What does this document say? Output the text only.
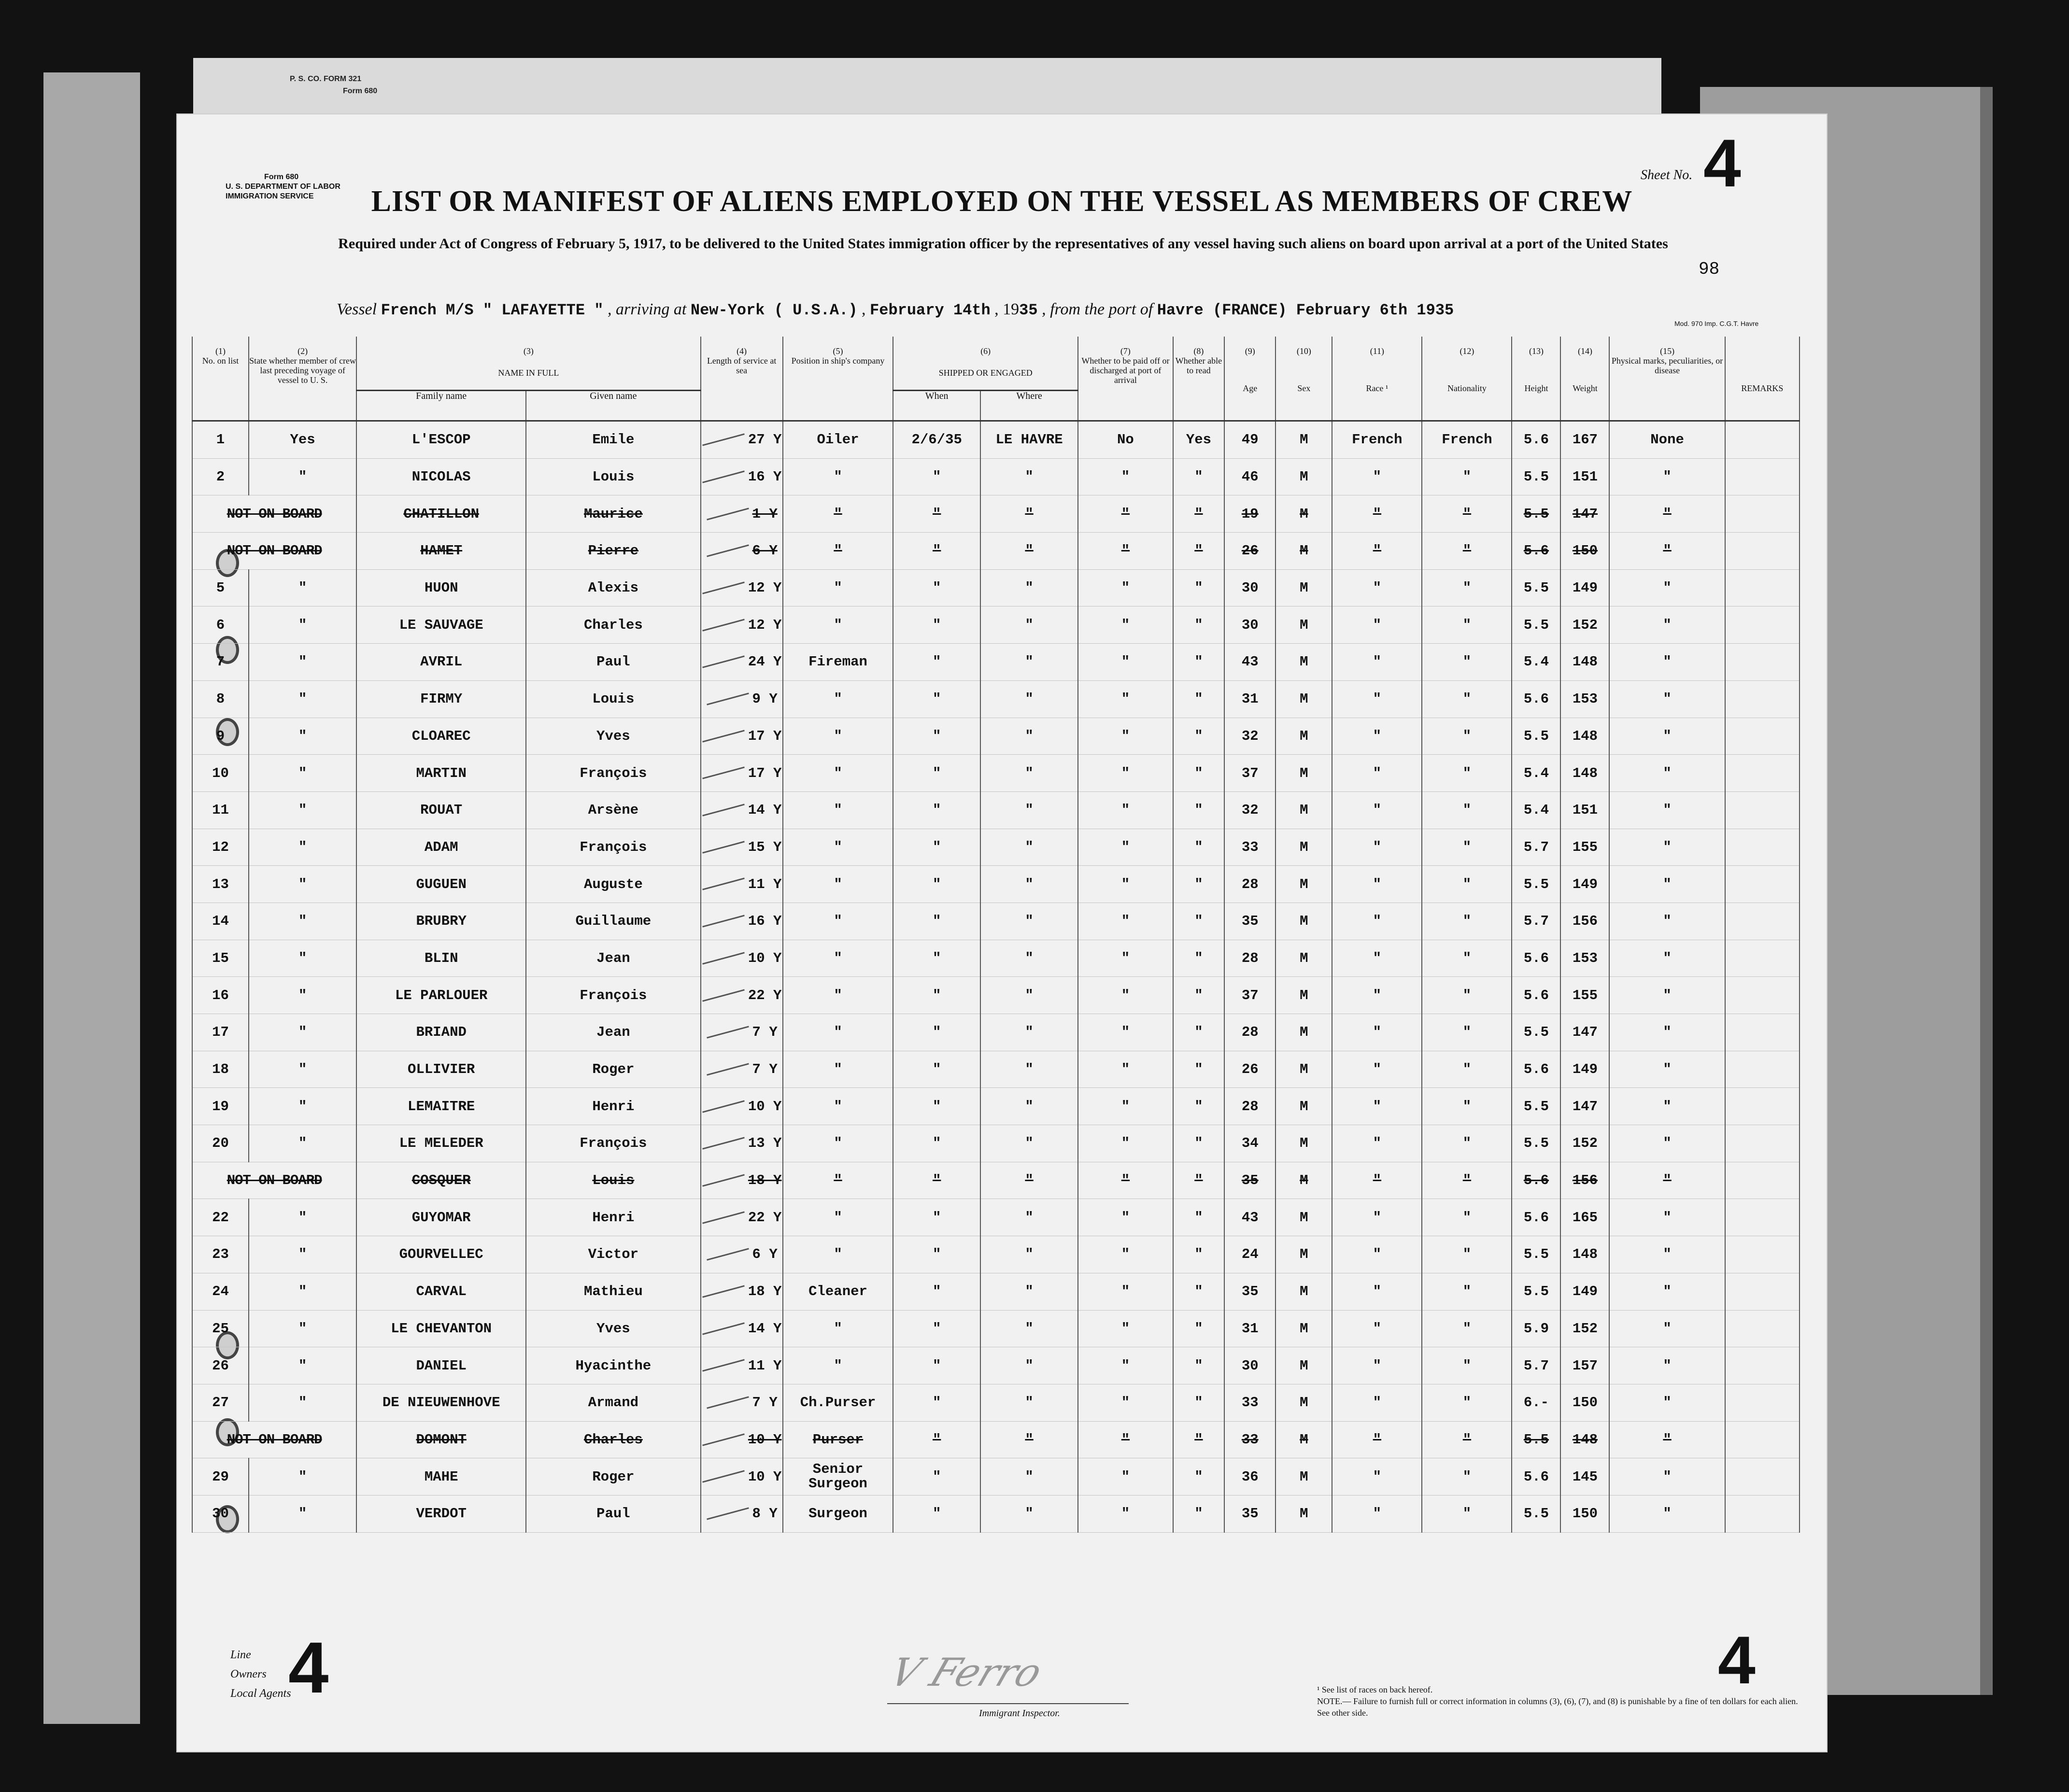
P. S. CO. FORM 321
Form 680
Form 680
U. S. DEPARTMENT OF LABOR
IMMIGRATION SERVICE
Sheet No. 4
LIST OR MANIFEST OF ALIENS EMPLOYED ON THE VESSEL AS MEMBERS OF CREW
Required under Act of Congress of February 5, 1917, to be delivered to the United States immigration officer by the representatives of any vessel having such aliens on board upon arrival at a port of the United States
98
Vessel French M/S " LAFAYETTE " , arriving at New-York ( U.S.A.) , February 14th , 1935 , from the port of Havre (FRANCE) February 6th 1935
Mod. 970 Imp. C.G.T. Havre
(1)	(2)	(3)		(4)	(5)	(6)		(7)	(8)	(9)	(10)	(11)	(12)	(13)	(14)	(15)	
No. on list	State whether member of crew last preceding voyage of vessel to U. S.	NAME IN FULL		Length of service at sea	Position in ship's company	SHIPPED OR ENGAGED		Whether to be paid off or discharged at port of arrival	Whether able to read	Age	Sex	Race ¹	Nationality	Height	Weight	Physical marks, peculiarities, or disease	REMARKS
		Family name	Given name			When	Where										
1	Yes	L'ESCOP	Emile	27 Y	Oiler	2/6/35	LE HAVRE	No	Yes	49	M	French	French	5.6	167	None	
2	"	NICOLAS	Louis	16 Y	"	"	"	"	"	46	M	"	"	5.5	151	"	
NOT ON BOARD		CHATILLON	Maurice	1 Y	"	"	"	"	"	19	M	"	"	5.5	147	"	
NOT ON BOARD		HAMET	Pierre	6 Y	"	"	"	"	"	26	M	"	"	5.6	150	"	
5	"	HUON	Alexis	12 Y	"	"	"	"	"	30	M	"	"	5.5	149	"	
6	"	LE SAUVAGE	Charles	12 Y	"	"	"	"	"	30	M	"	"	5.5	152	"	
7	"	AVRIL	Paul	24 Y	Fireman	"	"	"	"	43	M	"	"	5.4	148	"	
8	"	FIRMY	Louis	9 Y	"	"	"	"	"	31	M	"	"	5.6	153	"	
9	"	CLOAREC	Yves	17 Y	"	"	"	"	"	32	M	"	"	5.5	148	"	
10	"	MARTIN	François	17 Y	"	"	"	"	"	37	M	"	"	5.4	148	"	
11	"	ROUAT	Arsène	14 Y	"	"	"	"	"	32	M	"	"	5.4	151	"	
12	"	ADAM	François	15 Y	"	"	"	"	"	33	M	"	"	5.7	155	"	
13	"	GUGUEN	Auguste	11 Y	"	"	"	"	"	28	M	"	"	5.5	149	"	
14	"	BRUBRY	Guillaume	16 Y	"	"	"	"	"	35	M	"	"	5.7	156	"	
15	"	BLIN	Jean	10 Y	"	"	"	"	"	28	M	"	"	5.6	153	"	
16	"	LE PARLOUER	François	22 Y	"	"	"	"	"	37	M	"	"	5.6	155	"	
17	"	BRIAND	Jean	7 Y	"	"	"	"	"	28	M	"	"	5.5	147	"	
18	"	OLLIVIER	Roger	7 Y	"	"	"	"	"	26	M	"	"	5.6	149	"	
19	"	LEMAITRE	Henri	10 Y	"	"	"	"	"	28	M	"	"	5.5	147	"	
20	"	LE MELEDER	François	13 Y	"	"	"	"	"	34	M	"	"	5.5	152	"	
NOT ON BOARD		COSQUER	Louis	18 Y	"	"	"	"	"	35	M	"	"	5.6	156	"	
22	"	GUYOMAR	Henri	22 Y	"	"	"	"	"	43	M	"	"	5.6	165	"	
23	"	GOURVELLEC	Victor	6 Y	"	"	"	"	"	24	M	"	"	5.5	148	"	
24	"	CARVAL	Mathieu	18 Y	Cleaner	"	"	"	"	35	M	"	"	5.5	149	"	
25	"	LE CHEVANTON	Yves	14 Y	"	"	"	"	"	31	M	"	"	5.9	152	"	
26	"	DANIEL	Hyacinthe	11 Y	"	"	"	"	"	30	M	"	"	5.7	157	"	
27	"	DE NIEUWENHOVE	Armand	7 Y	Ch.Purser	"	"	"	"	33	M	"	"	6.-	150	"	
NOT ON BOARD		DOMONT	Charles	10 Y	Purser	"	"	"	"	33	M	"	"	5.5	148	"	
29	"	MAHE	Roger	10 Y	Senior Surgeon	"	"	"	"	36	M	"	"	5.6	145	"	
30	"	VERDOT	Paul	8 Y	Surgeon	"	"	"	"	35	M	"	"	5.5	150	"	
Line
Owners
Local Agents
4	4
V Ferro
Immigrant Inspector.
¹ See list of races on back hereof.
NOTE.— Failure to furnish full or correct information in columns (3), (6), (7), and (8) is punishable by a fine of ten dollars for each alien. See other side.
